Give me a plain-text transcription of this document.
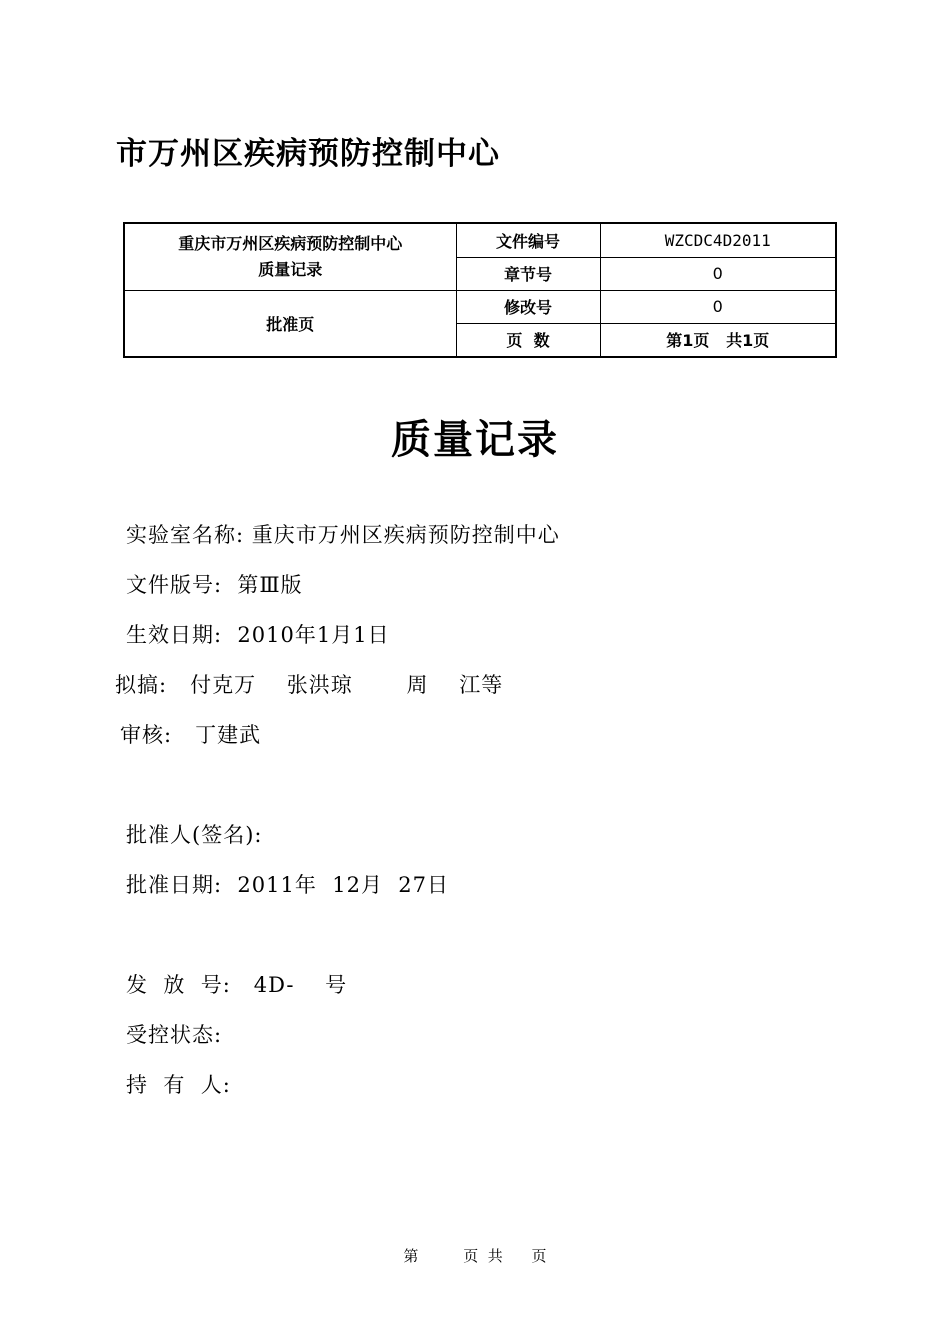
市万州区疾病预防控制中心
重庆市万州区疾病预防控制中心
质量记录	文件编号	WZCDC4D2011
	章节号	0
批准页	修改号	0
	页  数	第1页   共1页
质量记录
实验室名称: 重庆市万州区疾病预防控制中心
文件版号:  第Ⅲ版
生效日期:  2010年1月1日
拟搞:   付克万    张洪琼       周    江等
审核:   丁建武
批准人(签名):
批准日期:  2011年  12月  27日
发  放  号:   4D-    号
受控状态:
持  有  人:
第	页  共 页
